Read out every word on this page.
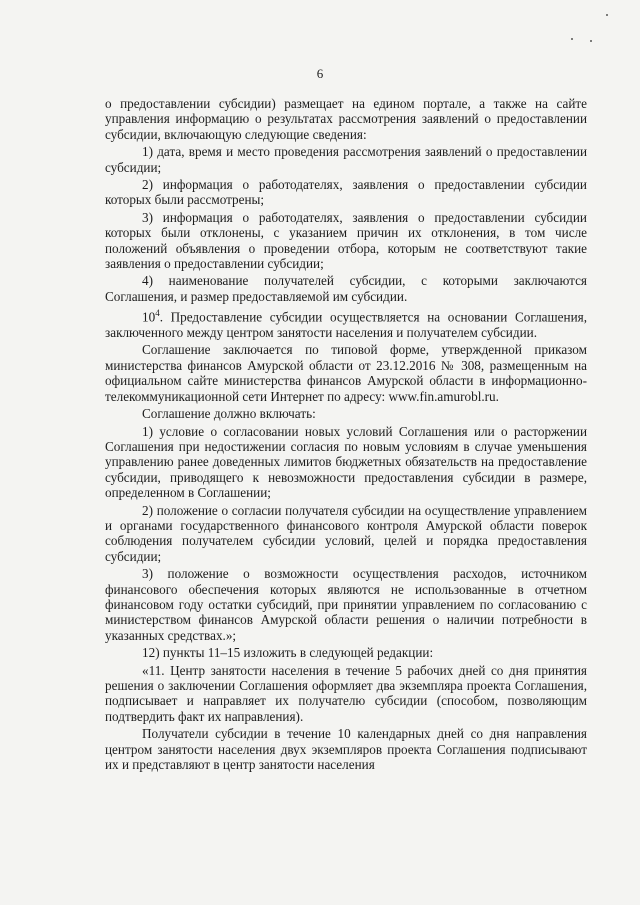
6

о предоставлении субсидии) размещает на едином портале, а также на сайте управления информацию о результатах рассмотрения заявлений о предоставлении субсидии, включающую следующие сведения:

1) дата, время и место проведения рассмотрения заявлений о предоставлении субсидии;

2) информация о работодателях, заявления о предоставлении субсидии которых были рассмотрены;

3) информация о работодателях, заявления о предоставлении субсидии которых были отклонены, с указанием причин их отклонения, в том числе положений объявления о проведении отбора, которым не соответствуют такие заявления о предоставлении субсидии;

4) наименование получателей субсидии, с которыми заключаются Соглашения, и размер предоставляемой им субсидии.

$10^4$. Предоставление субсидии осуществляется на основании Соглашения, заключенного между центром занятости населения и получателем субсидии.

Соглашение заключается по типовой форме, утвержденной приказом министерства финансов Амурской области от 23.12.2016 № 308, размещенным на официальном сайте министерства финансов Амурской области в информационно-телекоммуникационной сети Интернет по адресу: www.fin.amurobl.ru.

Соглашение должно включать:

1) условие о согласовании новых условий Соглашения или о расторжении Соглашения при недостижении согласия по новым условиям в случае уменьшения управлению ранее доведенных лимитов бюджетных обязательств на предоставление субсидии, приводящего к невозможности предоставления субсидии в размере, определенном в Соглашении;

2) положение о согласии получателя субсидии на осуществление управлением и органами государственного финансового контроля Амурской области поверок соблюдения получателем субсидии условий, целей и порядка предоставления субсидии;

3) положение о возможности осуществления расходов, источником финансового обеспечения которых являются не использованные в отчетном финансовом году остатки субсидий, при принятии управлением по согласованию с министерством финансов Амурской области решения о наличии потребности в указанных средствах.»;

12) пункты 11–15 изложить в следующей редакции:

«11. Центр занятости населения в течение 5 рабочих дней со дня принятия решения о заключении Соглашения оформляет два экземпляра проекта Соглашения, подписывает и направляет их получателю субсидии (способом, позволяющим подтвердить факт их направления).

Получатели субсидии в течение 10 календарных дней со дня направления центром занятости населения двух экземпляров проекта Соглашения подписывают их и представляют в центр занятости населения
